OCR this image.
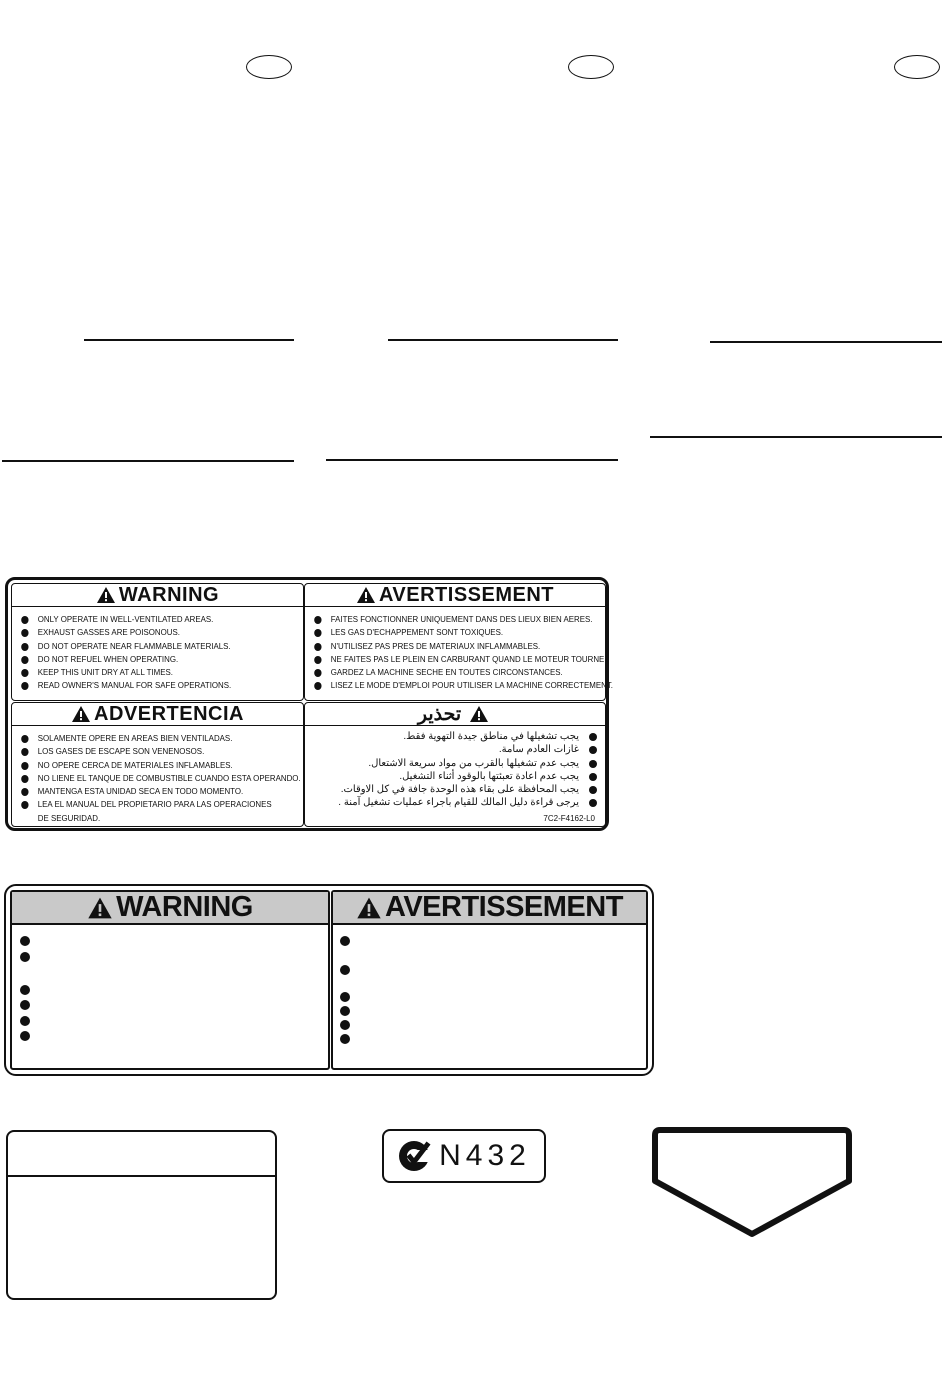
WARNING
ONLY OPERATE IN WELL-VENTILATED AREAS.
EXHAUST GASSES ARE POISONOUS.
DO NOT OPERATE NEAR FLAMMABLE MATERIALS.
DO NOT REFUEL WHEN OPERATING.
KEEP THIS UNIT DRY AT ALL TIMES.
READ OWNER'S MANUAL FOR SAFE OPERATIONS.
AVERTISSEMENT
FAITES FONCTIONNER UNIQUEMENT DANS DES LIEUX BIEN AERES.
LES GAS D'ECHAPPEMENT SONT TOXIQUES.
N'UTILISEZ PAS PRES DE MATERIAUX INFLAMMABLES.
NE FAITES PAS LE PLEIN EN CARBURANT QUAND LE MOTEUR TOURNE.
GARDEZ LA MACHINE SECHE EN TOUTES CIRCONSTANCES.
LISEZ LE MODE D'EMPLOI POUR UTILISER LA MACHINE CORRECTEMENT.
ADVERTENCIA
SOLAMENTE OPERE EN AREAS BIEN VENTILADAS.
LOS GASES DE ESCAPE SON VENENOSOS.
NO OPERE CERCA DE MATERIALES INFLAMABLES.
NO LIENE EL TANQUE DE COMBUSTIBLE CUANDO ESTA OPERANDO.
MANTENGA ESTA UNIDAD SECA EN TODO MOMENTO.
LEA EL MANUAL DEL PROPIETARIO PARA LAS OPERACIONES
DE SEGURIDAD.
تحذير
يجب تشغيلها في مناطق جيدة التهوية فقط.
غازات العادم سامة.
يجب عدم تشغيلها بالقرب من مواد سريعة الاشتعال.
يجب عدم اعادة تعبئتها بالوقود أثناء التشغيل.
يجب المحافظة على بقاء هذه الوحدة جافة في كل الاوقات.
يرجى قراءة دليل المالك للقيام باجراء عمليات تشغيل آمنة .
7C2-F4162-L0
WARNING	AVERTISSEMENT
N432
